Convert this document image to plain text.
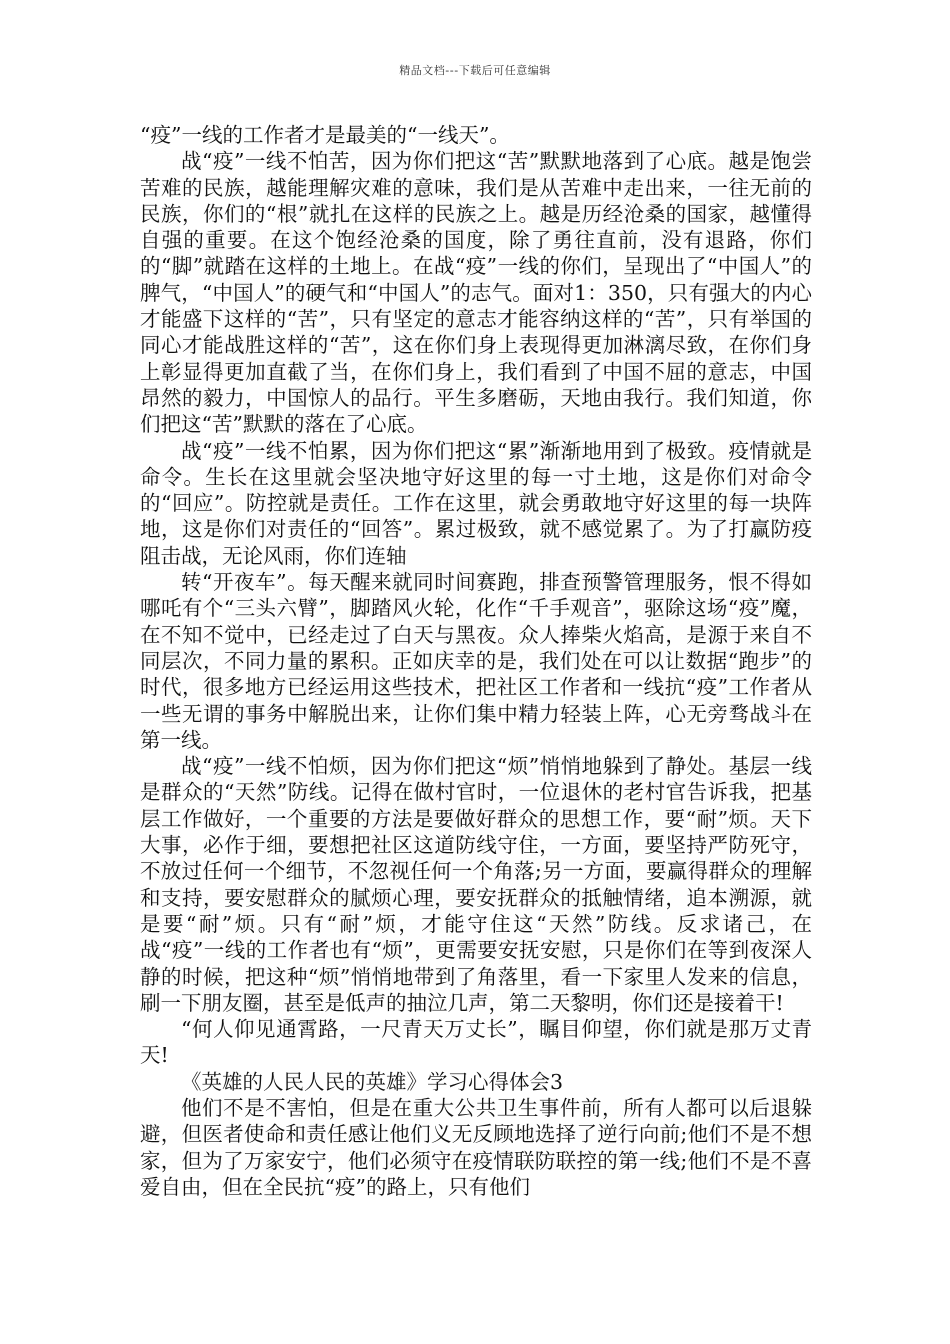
精品文档---下载后可任意编辑

“疫”一线的工作者才是最美的“一线天”。

战“疫”一线不怕苦，因为你们把这“苦”默默地落到了心底。越是饱尝苦难的民族，越能理解灾难的意味，我们是从苦难中走出来，一往无前的民族，你们的“根”就扎在这样的民族之上。越是历经沧桑的国家，越懂得自强的重要。在这个饱经沧桑的国度，除了勇往直前，没有退路，你们的“脚”就踏在这样的土地上。在战“疫”一线的你们，呈现出了“中国人”的脾气，“中国人”的硬气和“中国人”的志气。面对1：350，只有强大的内心才能盛下这样的“苦”，只有坚定的意志才能容纳这样的“苦”，只有举国的同心才能战胜这样的“苦”，这在你们身上表现得更加淋漓尽致，在你们身上彰显得更加直截了当，在你们身上，我们看到了中国不屈的意志，中国昂然的毅力，中国惊人的品行。平生多磨砺，天地由我行。我们知道，你们把这“苦”默默的落在了心底。

战“疫”一线不怕累，因为你们把这“累”渐渐地用到了极致。疫情就是命令。生长在这里就会坚决地守好这里的每一寸土地，这是你们对命令的“回应”。防控就是责任。工作在这里，就会勇敢地守好这里的每一块阵地，这是你们对责任的“回答”。累过极致，就不感觉累了。为了打赢防疫阻击战，无论风雨，你们连轴

转“开夜车”。每天醒来就同时间赛跑，排查预警管理服务，恨不得如哪吒有个“三头六臂”，脚踏风火轮，化作“千手观音”，驱除这场“疫”魔，在不知不觉中，已经走过了白天与黑夜。众人捧柴火焰高，是源于来自不同层次，不同力量的累积。正如庆幸的是，我们处在可以让数据“跑步”的时代，很多地方已经运用这些技术，把社区工作者和一线抗“疫”工作者从一些无谓的事务中解脱出来，让你们集中精力轻装上阵，心无旁骛战斗在第一线。

战“疫”一线不怕烦，因为你们把这“烦”悄悄地躲到了静处。基层一线是群众的“天然”防线。记得在做村官时，一位退休的老村官告诉我，把基层工作做好，一个重要的方法是要做好群众的思想工作，要“耐”烦。天下大事，必作于细，要想把社区这道防线守住，一方面，要坚持严防死守，不放过任何一个细节，不忽视任何一个角落;另一方面，要赢得群众的理解和支持，要安慰群众的腻烦心理，要安抚群众的抵触情绪，追本溯源，就是要“耐”烦。只有“耐”烦，才能守住这“天然”防线。反求诸己，在战“疫”一线的工作者也有“烦”，更需要安抚安慰，只是你们在等到夜深人静的时候，把这种“烦”悄悄地带到了角落里，看一下家里人发来的信息，刷一下朋友圈，甚至是低声的抽泣几声，第二天黎明，你们还是接着干!

“何人仰见通霄路，一尺青天万丈长”，瞩目仰望，你们就是那万丈青天!

《英雄的人民人民的英雄》学习心得体会3

他们不是不害怕，但是在重大公共卫生事件前，所有人都可以后退躲避，但医者使命和责任感让他们义无反顾地选择了逆行向前;他们不是不想家，但为了万家安宁，他们必须守在疫情联防联控的第一线;他们不是不喜爱自由，但在全民抗“疫”的路上，只有他们
